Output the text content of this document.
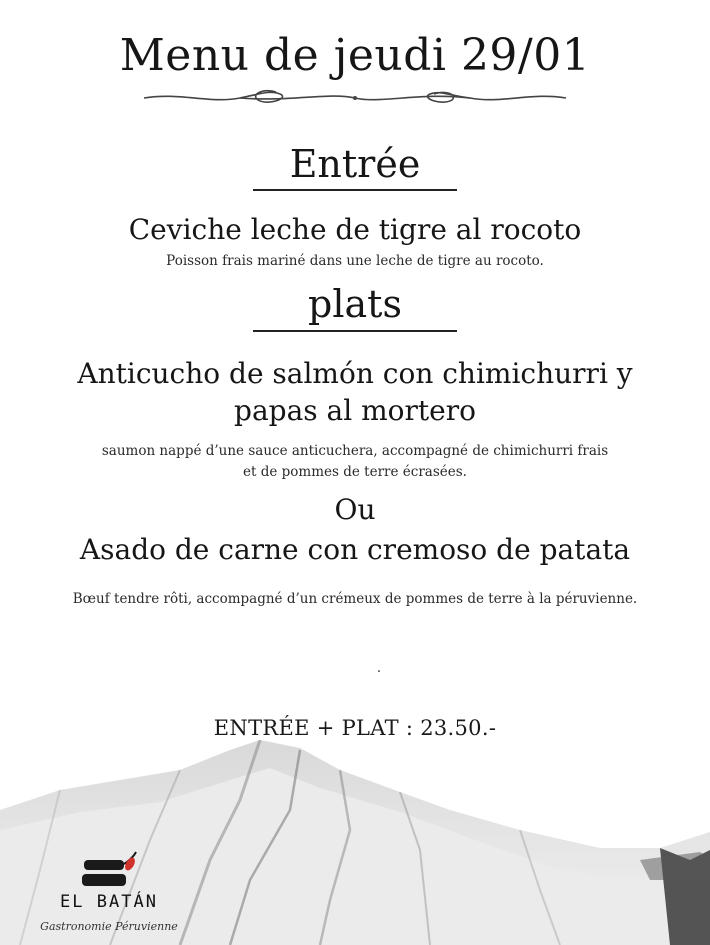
Menu de jeudi 29/01
Entrée
Ceviche leche de tigre al rocoto
Poisson frais mariné dans une leche de tigre au rocoto.
plats
Anticucho de salmón con chimichurri y
papas al mortero
saumon nappé d’une sauce anticuchera, accompagné de chimichurri frais
et de pommes de terre écrasées.
Ou
Asado de carne con cremoso de patata
Bœuf tendre rôti, accompagné d’un crémeux de pommes de terre à la péruvienne.
.
ENTRÉE + PLAT : 23.50.-
EL BATÁN
Gastronomie Péruvienne
